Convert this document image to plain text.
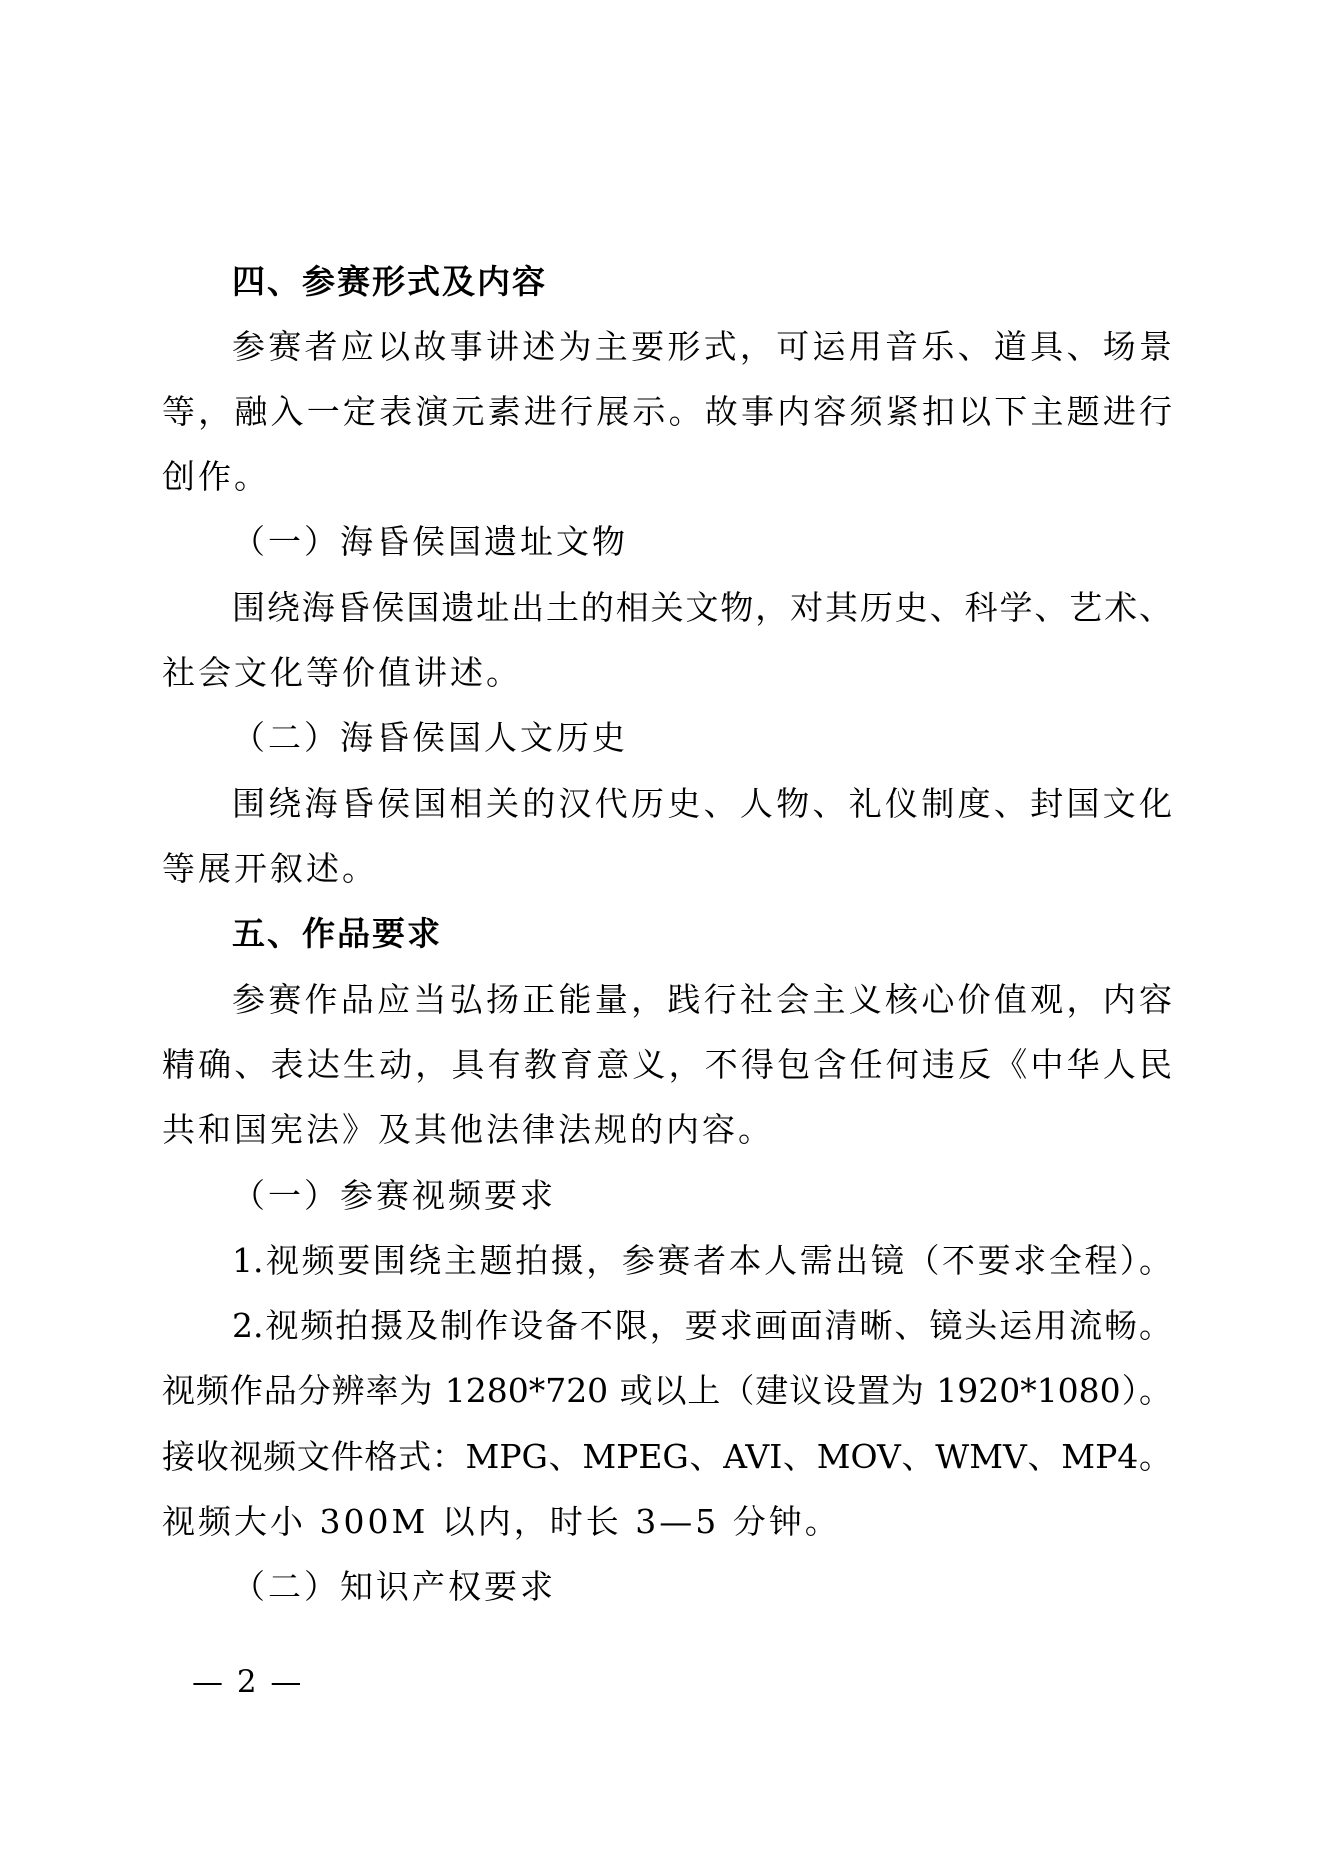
四、参赛形式及内容
参赛者应以故事讲述为主要形式，可运用音乐、道具、场景
等，融入一定表演元素进行展示。故事内容须紧扣以下主题进行
创作。
（一）海昏侯国遗址文物
围绕海昏侯国遗址出土的相关文物，对其历史、科学、艺术、
社会文化等价值讲述。
（二）海昏侯国人文历史
围绕海昏侯国相关的汉代历史、人物、礼仪制度、封国文化
等展开叙述。
五、作品要求
参赛作品应当弘扬正能量，践行社会主义核心价值观，内容
精确、表达生动，具有教育意义，不得包含任何违反《中华人民
共和国宪法》及其他法律法规的内容。
（一）参赛视频要求
1.视频要围绕主题拍摄，参赛者本人需出镜（不要求全程）。
2.视频拍摄及制作设备不限，要求画面清晰、镜头运用流畅。
视频作品分辨率为 1280*720 或以上（建议设置为 1920*1080）。
接收视频文件格式：MPG、MPEG、AVI、MOV、WMV、MP4。
视频大小 300M 以内，时长 3—5 分钟。
（二）知识产权要求
— 2 —
